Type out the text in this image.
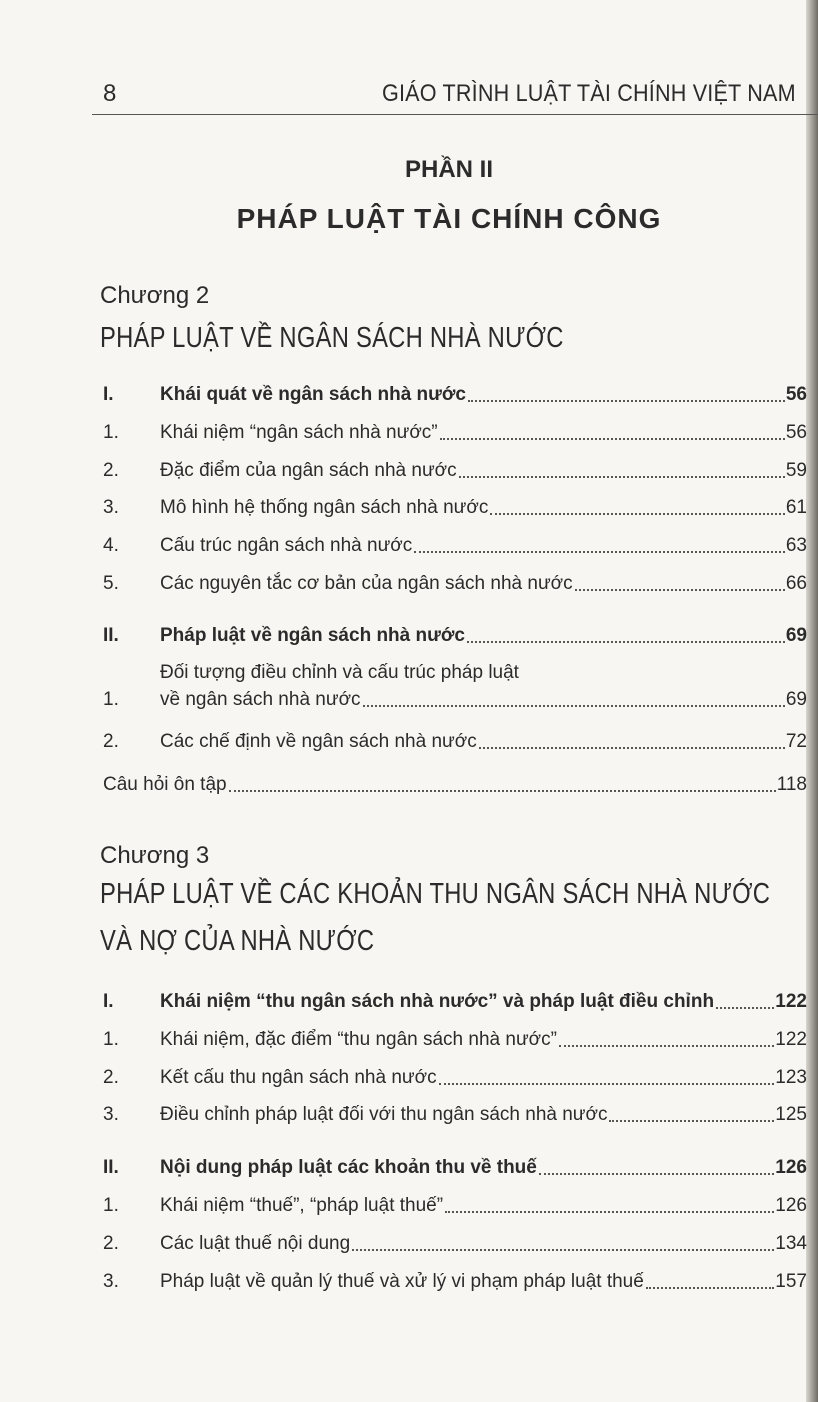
8	GIÁO TRÌNH LUẬT TÀI CHÍNH VIỆT NAM
PHẦN II
PHÁP LUẬT TÀI CHÍNH CÔNG
Chương 2
PHÁP LUẬT VỀ NGÂN SÁCH NHÀ NƯỚC
Chương 3
PHÁP LUẬT VỀ CÁC KHOẢN THU NGÂN SÁCH NHÀ NƯỚC
VÀ NỢ CỦA NHÀ NƯỚC
I.	Khái quát về ngân sách nhà nước	56
1.	Khái niệm “ngân sách nhà nước”	56
2.	Đặc điểm của ngân sách nhà nước	59
3.	Mô hình hệ thống ngân sách nhà nước	61
4.	Cấu trúc ngân sách nhà nước	63
5.	Các nguyên tắc cơ bản của ngân sách nhà nước	66
II.	Pháp luật về ngân sách nhà nước	69
Đối tượng điều chỉnh và cấu trúc pháp luật
1.	về ngân sách nhà nước	69
2.	Các chế định về ngân sách nhà nước	72
Câu hỏi ôn tập	118
I.	Khái niệm “thu ngân sách nhà nước” và pháp luật điều chỉnh	122
1.	Khái niệm, đặc điểm “thu ngân sách nhà nước”	122
2.	Kết cấu thu ngân sách nhà nước	123
3.	Điều chỉnh pháp luật đối với thu ngân sách nhà nước	125
II.	Nội dung pháp luật các khoản thu về thuế	126
1.	Khái niệm “thuế”, “pháp luật thuế”	126
2.	Các luật thuế nội dung	134
3.	Pháp luật về quản lý thuế và xử lý vi phạm pháp luật thuế	157
